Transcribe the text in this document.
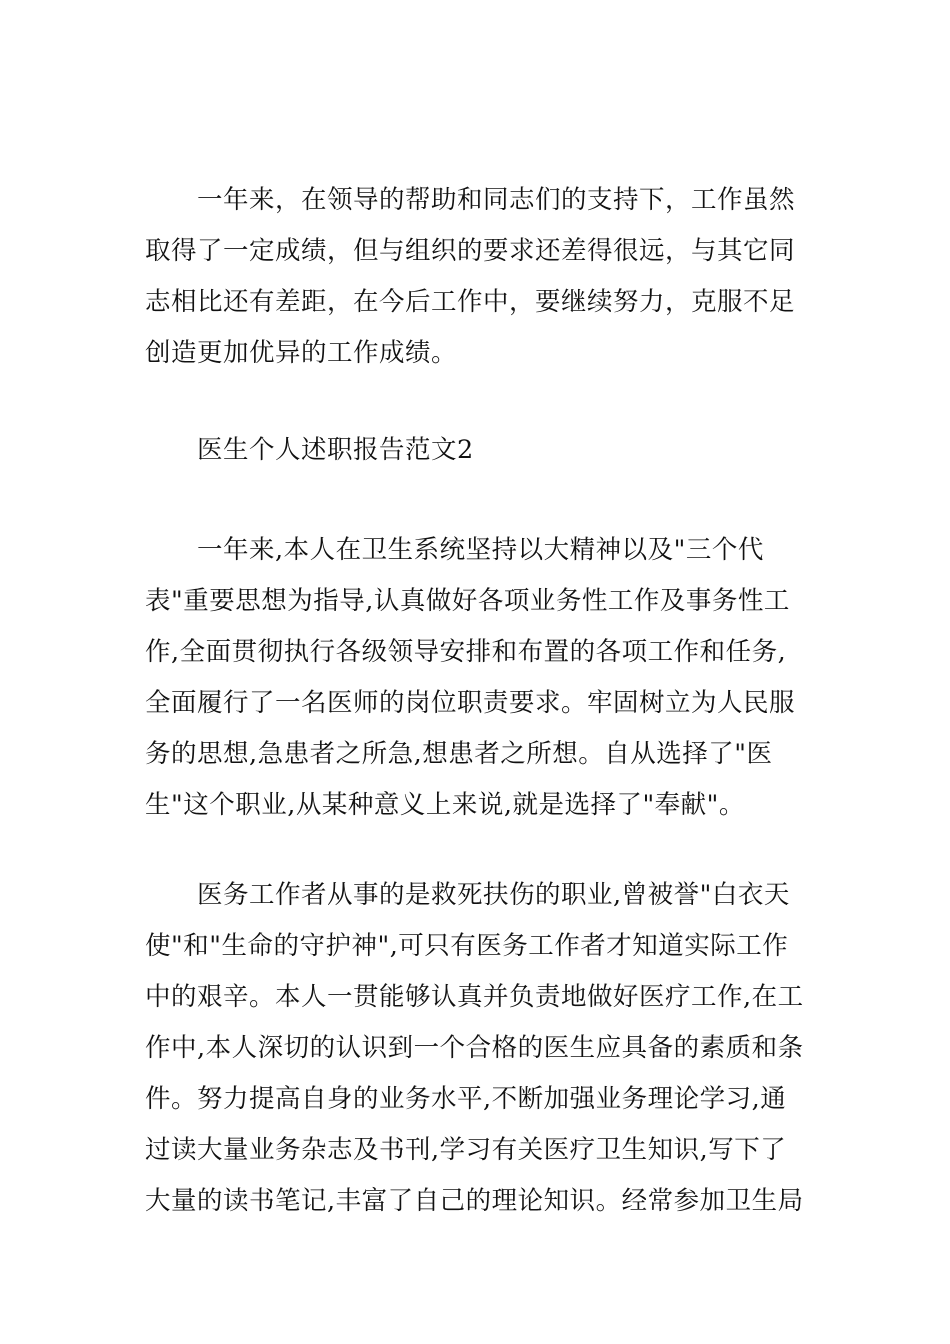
一年来，在领导的帮助和同志们的支持下，工作虽然
取得了一定成绩，但与组织的要求还差得很远，与其它同
志相比还有差距，在今后工作中，要继续努力，克服不足
创造更加优异的工作成绩。
医生个人述职报告范文2
一年来,本人在卫生系统坚持以大精神以及"三个代
表"重要思想为指导,认真做好各项业务性工作及事务性工
作,全面贯彻执行各级领导安排和布置的各项工作和任务,
全面履行了一名医师的岗位职责要求。牢固树立为人民服
务的思想,急患者之所急,想患者之所想。自从选择了"医
生"这个职业,从某种意义上来说,就是选择了"奉献"。
医务工作者从事的是救死扶伤的职业,曾被誉"白衣天
使"和"生命的守护神",可只有医务工作者才知道实际工作
中的艰辛。本人一贯能够认真并负责地做好医疗工作,在工
作中,本人深切的认识到一个合格的医生应具备的素质和条
件。努力提高自身的业务水平,不断加强业务理论学习,通
过读大量业务杂志及书刊,学习有关医疗卫生知识,写下了
大量的读书笔记,丰富了自己的理论知识。经常参加卫生局
